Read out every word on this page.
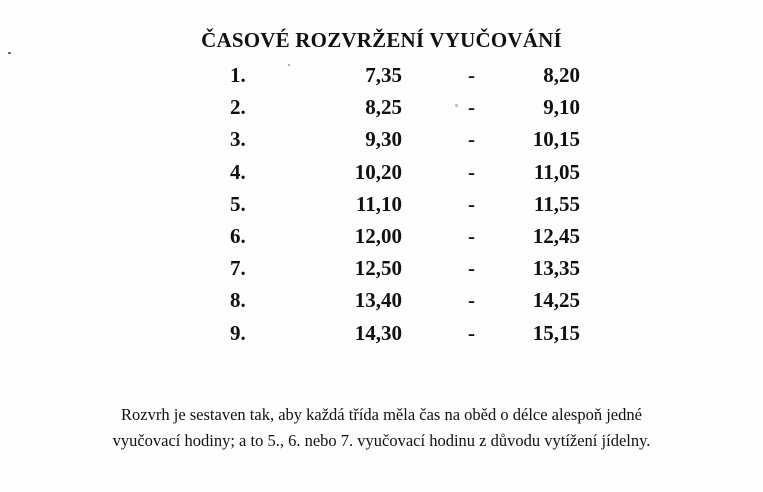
ČASOVÉ ROZVRŽENÍ VYUČOVÁNÍ
1.	7,35	-	8,20
2.	8,25	-	9,10
3.	9,30	-	10,15
4.	10,20	-	11,05
5.	11,10	-	11,55
6.	12,00	-	12,45
7.	12,50	-	13,35
8.	13,40	-	14,25
9.	14,30	-	15,15

Rozvrh je sestaven tak, aby každá třída měla čas na oběd o délce alespoň jedné
vyučovací hodiny; a to 5., 6. nebo 7. vyučovací hodinu z důvodu vytížení jídelny.
